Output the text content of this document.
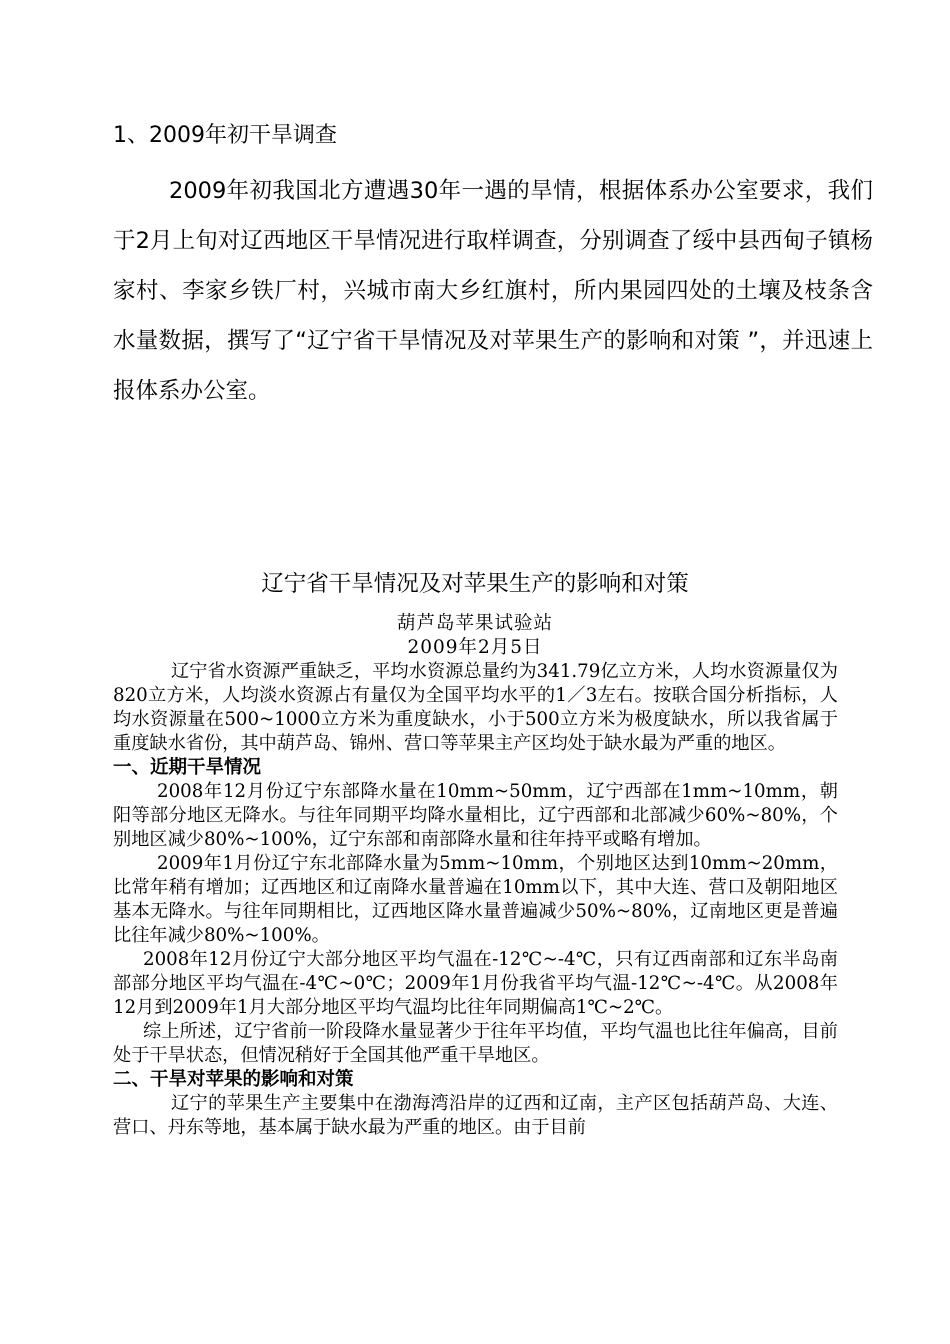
1、2009年初干旱调查

2009年初我国北方遭遇30年一遇的旱情，根据体系办公室要求，我们于2月上旬对辽西地区干旱情况进行取样调查，分别调查了绥中县西甸子镇杨家村、李家乡铁厂村，兴城市南大乡红旗村，所内果园四处的土壤及枝条含水量数据，撰写了“辽宁省干旱情况及对苹果生产的影响和对策 ”，并迅速上报体系办公室。

辽宁省干旱情况及对苹果生产的影响和对策
葫芦岛苹果试验站
2009年2月5日

辽宁省水资源严重缺乏，平均水资源总量约为341.79亿立方米，人均水资源量仅为820立方米，人均淡水资源占有量仅为全国平均水平的1／3左右。按联合国分析指标，人均水资源量在500~1000立方米为重度缺水，小于500立方米为极度缺水，所以我省属于重度缺水省份，其中葫芦岛、锦州、营口等苹果主产区均处于缺水最为严重的地区。

一、近期干旱情况

2008年12月份辽宁东部降水量在10mm~50mm，辽宁西部在1mm~10mm，朝阳等部分地区无降水。与往年同期平均降水量相比，辽宁西部和北部减少60%~80%，个别地区减少80%~100%，辽宁东部和南部降水量和往年持平或略有增加。

2009年1月份辽宁东北部降水量为5mm~10mm，个别地区达到10mm~20mm，比常年稍有增加；辽西地区和辽南降水量普遍在10mm以下，其中大连、营口及朝阳地区基本无降水。与往年同期相比，辽西地区降水量普遍减少50%~80%，辽南地区更是普遍比往年减少80%~100%。

2008年12月份辽宁大部分地区平均气温在-12℃~-4℃，只有辽西南部和辽东半岛南部部分地区平均气温在-4℃~0℃；2009年1月份我省平均气温-12℃~-4℃。从2008年12月到2009年1月大部分地区平均气温均比往年同期偏高1℃~2℃。

综上所述，辽宁省前一阶段降水量显著少于往年平均值，平均气温也比往年偏高，目前处于干旱状态，但情况稍好于全国其他严重干旱地区。

二、干旱对苹果的影响和对策

辽宁的苹果生产主要集中在渤海湾沿岸的辽西和辽南，主产区包括葫芦岛、大连、营口、丹东等地，基本属于缺水最为严重的地区。由于目前
